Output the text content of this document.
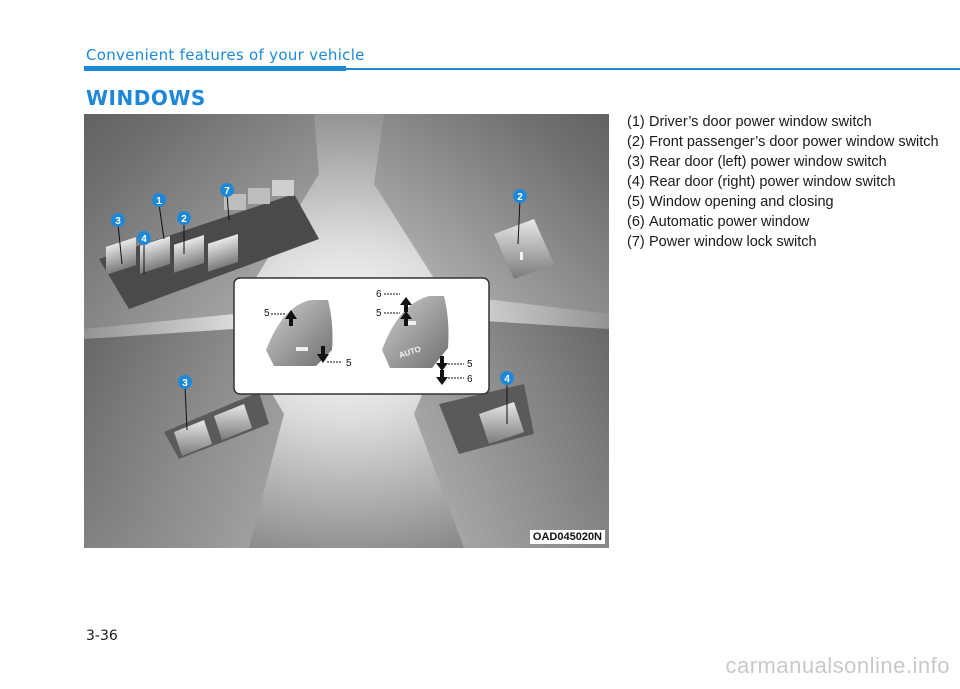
Convenient features of your vehicle
WINDOWS
3
4
1
2
7
2
3	4
5
5
AUTO
6
5
5
6
OAD045020N
(1) Driver’s door power window switch
(2) Front passenger’s door power window switch
(3) Rear door (left) power window switch
(4) Rear door (right) power window switch
(5) Window opening and closing
(6) Automatic power window
(7) Power window lock switch
3-36
carmanualsonline.info
